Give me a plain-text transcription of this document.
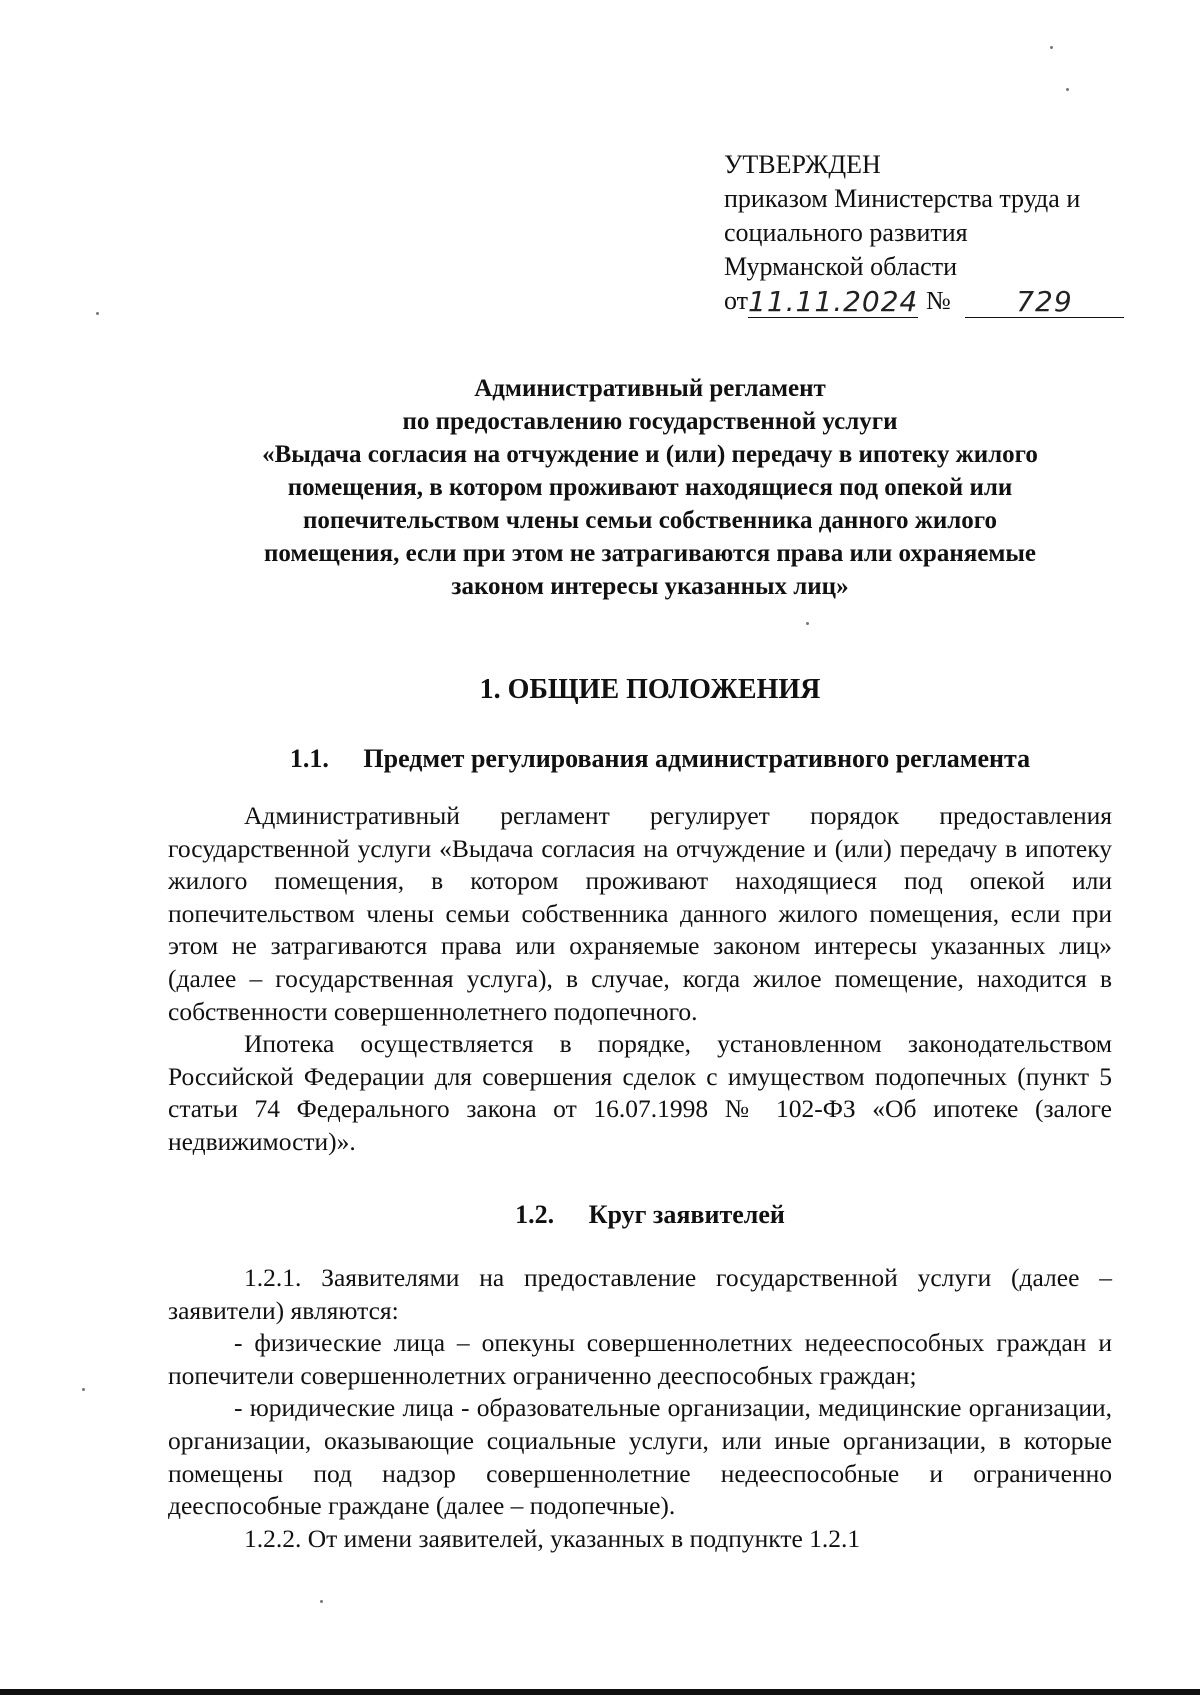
УТВЕРЖДЕН
приказом Министерства труда и
социального развития
Мурманской области
от 11.11.2024 №	729
Административный регламент
по предоставлению государственной услуги
«Выдача согласия на отчуждение и (или) передачу в ипотеку жилого
помещения, в котором проживают находящиеся под опекой или
попечительством члены семьи собственника данного жилого
помещения, если при этом не затрагиваются права или охраняемые
законом интересы указанных лиц»
1. ОБЩИЕ ПОЛОЖЕНИЯ
1.1. Предмет регулирования административного регламента

Административный регламент регулирует порядок предоставления государственной услуги «Выдача согласия на отчуждение и (или) передачу в ипотеку жилого помещения, в котором проживают находящиеся под опекой или попечительством члены семьи собственника данного жилого помещения, если при этом не затрагиваются права или охраняемые законом интересы указанных лиц» (далее – государственная услуга), в случае, когда жилое помещение, находится в собственности совершеннолетнего подопечного.

Ипотека осуществляется в порядке, установленном законодательством Российской Федерации для совершения сделок с имуществом подопечных (пункт 5 статьи 74 Федерального закона от 16.07.1998 № 102-ФЗ «Об ипотеке (залоге недвижимости)».

1.2. Круг заявителей

1.2.1. Заявителями на предоставление государственной услуги (далее – заявители) являются:

- физические лица – опекуны совершеннолетних недееспособных граждан и попечители совершеннолетних ограниченно дееспособных граждан;

- юридические лица - образовательные организации, медицинские организации, организации, оказывающие социальные услуги, или иные организации, в которые помещены под надзор совершеннолетние недееспособные и ограниченно дееспособные граждане (далее – подопечные).

1.2.2. От имени заявителей, указанных в подпункте 1.2.1
